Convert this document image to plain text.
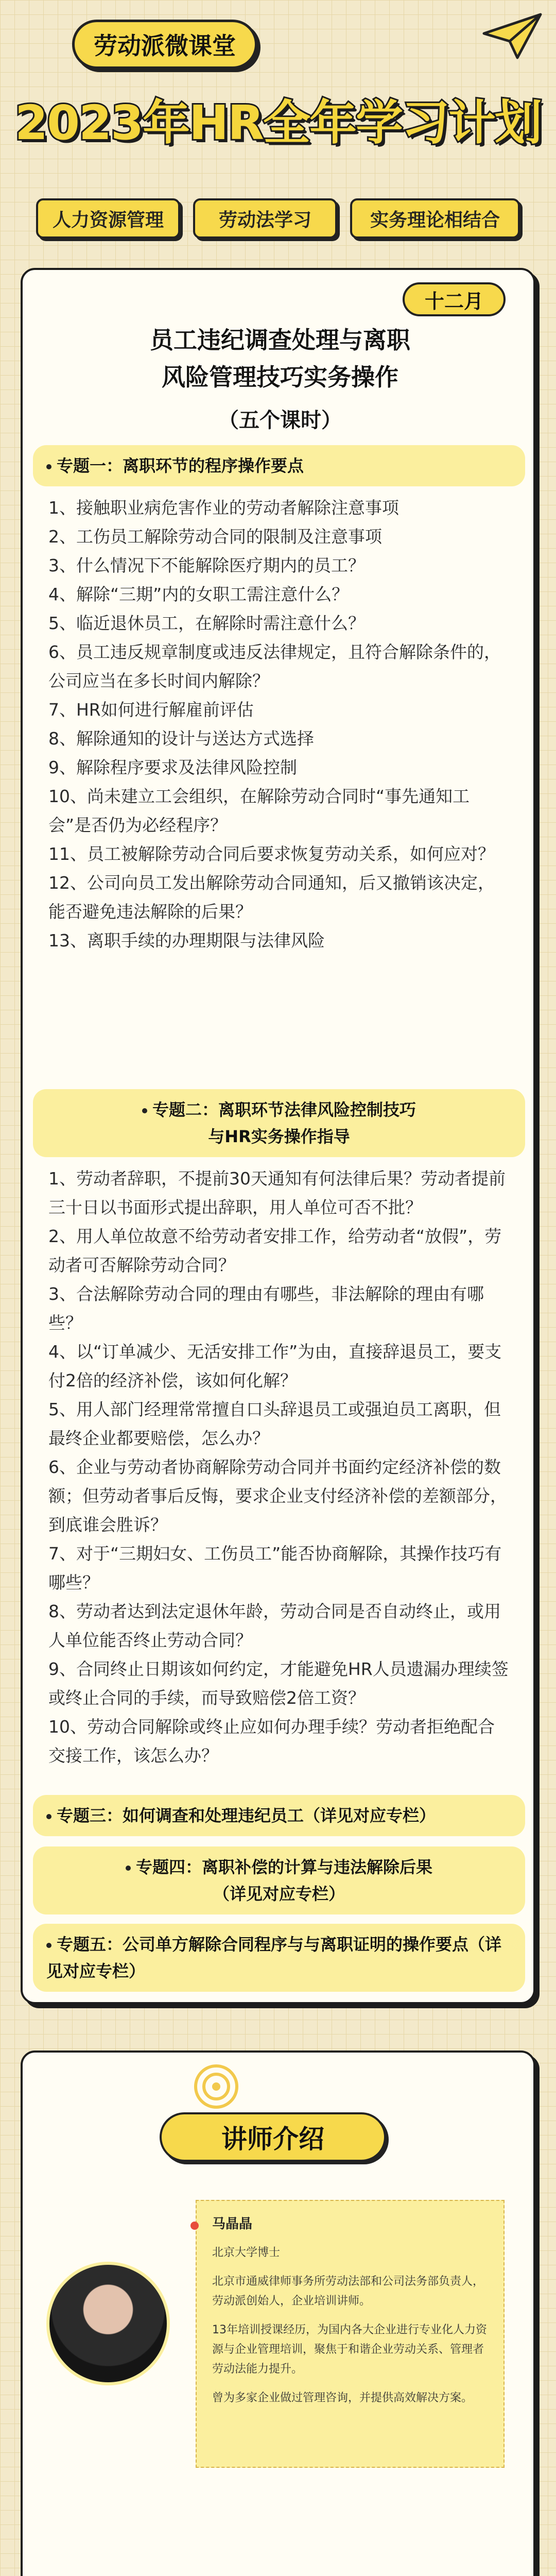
劳动派微课堂
2023年HR全年学习计划
人力资源管理	劳动法学习	实务理论相结合
十二月
员工违纪调查处理与离职
风险管理技巧实务操作
（五个课时）
专题一：离职环节的程序操作要点
1、接触职业病危害作业的劳动者解除注意事项
2、工伤员工解除劳动合同的限制及注意事项
3、什么情况下不能解除医疗期内的员工？
4、解除“三期”内的女职工需注意什么？
5、临近退休员工，在解除时需注意什么？
6、员工违反规章制度或违反法律规定，且符合解除条件的，公司应当在多长时间内解除？
7、HR如何进行解雇前评估
8、解除通知的设计与送达方式选择
9、解除程序要求及法律风险控制
10、尚未建立工会组织，在解除劳动合同时“事先通知工会”是否仍为必经程序？
11、员工被解除劳动合同后要求恢复劳动关系，如何应对？
12、公司向员工发出解除劳动合同通知，后又撤销该决定，能否避免违法解除的后果？
13、离职手续的办理期限与法律风险
专题二：离职环节法律风险控制技巧
与HR实务操作指导
1、劳动者辞职，不提前30天通知有何法律后果？劳动者提前三十日以书面形式提出辞职，用人单位可否不批？
2、用人单位故意不给劳动者安排工作，给劳动者“放假”，劳动者可否解除劳动合同？
3、合法解除劳动合同的理由有哪些，非法解除的理由有哪些？
4、以“订单减少、无活安排工作”为由，直接辞退员工，要支付2倍的经济补偿，该如何化解？
5、用人部门经理常常擅自口头辞退员工或强迫员工离职，但最终企业都要赔偿，怎么办？
6、企业与劳动者协商解除劳动合同并书面约定经济补偿的数额；但劳动者事后反悔，要求企业支付经济补偿的差额部分，到底谁会胜诉？
7、对于“三期妇女、工伤员工”能否协商解除，其操作技巧有哪些？
8、劳动者达到法定退休年龄，劳动合同是否自动终止，或用人单位能否终止劳动合同？
9、合同终止日期该如何约定，才能避免HR人员遗漏办理续签或终止合同的手续，而导致赔偿2倍工资？
10、劳动合同解除或终止应如何办理手续？劳动者拒绝配合交接工作，该怎么办？
专题三：如何调查和处理违纪员工（详见对应专栏）
专题四：离职补偿的计算与违法解除后果
（详见对应专栏）
专题五：公司单方解除合同程序与与离职证明的操作要点（详见对应专栏）
讲师介绍
马晶晶
北京大学博士
北京市通威律师事务所劳动法部和公司法务部负责人，劳动派创始人，企业培训讲师。
13年培训授课经历，为国内各大企业进行专业化人力资源与企业管理培训，聚焦于和谐企业劳动关系、管理者劳动法能力提升。
曾为多家企业做过管理咨询，并提供高效解决方案。
